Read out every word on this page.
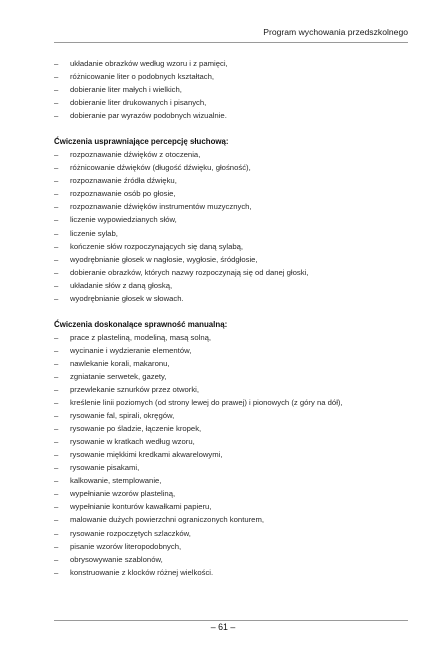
Program wychowania przedszkolnego
– układanie obrazków według wzoru i z pamięci,
– różnicowanie liter o podobnych kształtach,
– dobieranie liter małych i wielkich,
– dobieranie liter drukowanych i pisanych,
– dobieranie par wyrazów podobnych wizualnie.
Ćwiczenia usprawniające percepcję słuchową:
– rozpoznawanie dźwięków z otoczenia,
– różnicowanie dźwięków (długość dźwięku, głośność),
– rozpoznawanie źródła dźwięku,
– rozpoznawanie osób po głosie,
– rozpoznawanie dźwięków instrumentów muzycznych,
– liczenie wypowiedzianych słów,
– liczenie sylab,
– kończenie słów rozpoczynających się daną sylabą,
– wyodrębnianie głosek w nagłosie, wygłosie, śródgłosie,
– dobieranie obrazków, których nazwy rozpoczynają się od danej głoski,
– układanie słów z daną głoską,
– wyodrębnianie głosek w słowach.
Ćwiczenia doskonalące sprawność manualną:
– prace z plasteliną, modeliną, masą solną,
– wycinanie i wydzieranie elementów,
– nawlekanie korali, makaronu,
– zgniatanie serwetek, gazety,
– przewlekanie sznurków przez otworki,
– kreślenie linii poziomych (od strony lewej do prawej) i pionowych (z góry na dół),
– rysowanie fal, spirali, okręgów,
– rysowanie po śladzie, łączenie kropek,
– rysowanie w kratkach według wzoru,
– rysowanie miękkimi kredkami akwarelowymi,
– rysowanie pisakami,
– kalkowanie, stemplowanie,
– wypełnianie wzorów plasteliną,
– wypełnianie konturów kawałkami papieru,
– malowanie dużych powierzchni ograniczonych konturem,
– rysowanie rozpoczętych szlaczków,
– pisanie wzorów literopodobnych,
– obrysowywanie szablonów,
– konstruowanie z klocków różnej wielkości.
– 61 –
